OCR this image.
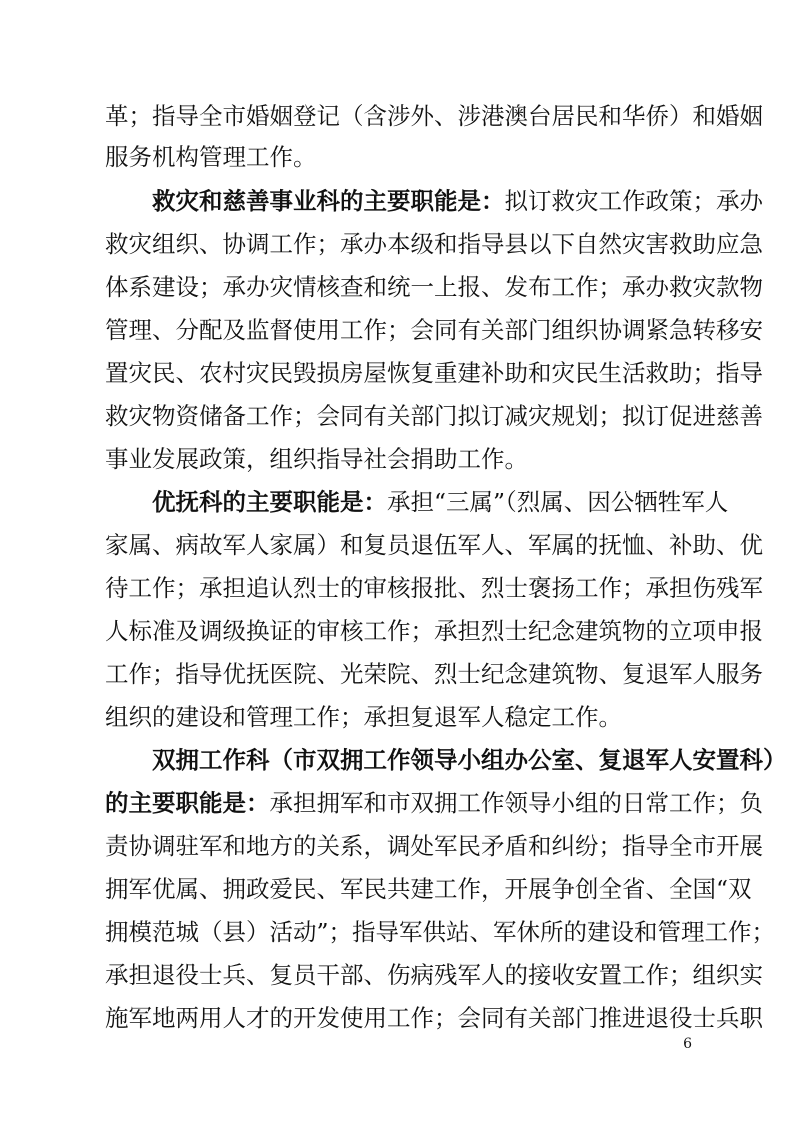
革；指导全市婚姻登记（含涉外、涉港澳台居民和华侨）和婚姻
服务机构管理工作。
救灾和慈善事业科的主要职能是：拟订救灾工作政策；承办
救灾组织、协调工作；承办本级和指导县以下自然灾害救助应急
体系建设；承办灾情核查和统一上报、发布工作；承办救灾款物
管理、分配及监督使用工作；会同有关部门组织协调紧急转移安
置灾民、农村灾民毁损房屋恢复重建补助和灾民生活救助；指导
救灾物资储备工作；会同有关部门拟订减灾规划；拟订促进慈善
事业发展政策，组织指导社会捐助工作。
优抚科的主要职能是：承担“三属”（烈属、因公牺牲军人
家属、病故军人家属）和复员退伍军人、军属的抚恤、补助、优
待工作；承担追认烈士的审核报批、烈士褒扬工作；承担伤残军
人标准及调级换证的审核工作；承担烈士纪念建筑物的立项申报
工作；指导优抚医院、光荣院、烈士纪念建筑物、复退军人服务
组织的建设和管理工作；承担复退军人稳定工作。
双拥工作科（市双拥工作领导小组办公室、复退军人安置科）
的主要职能是：承担拥军和市双拥工作领导小组的日常工作；负
责协调驻军和地方的关系，调处军民矛盾和纠纷；指导全市开展
拥军优属、拥政爱民、军民共建工作，开展争创全省、全国“双
拥模范城（县）活动”；指导军供站、军休所的建设和管理工作；
承担退役士兵、复员干部、伤病残军人的接收安置工作；组织实
施军地两用人才的开发使用工作；会同有关部门推进退役士兵职
6
